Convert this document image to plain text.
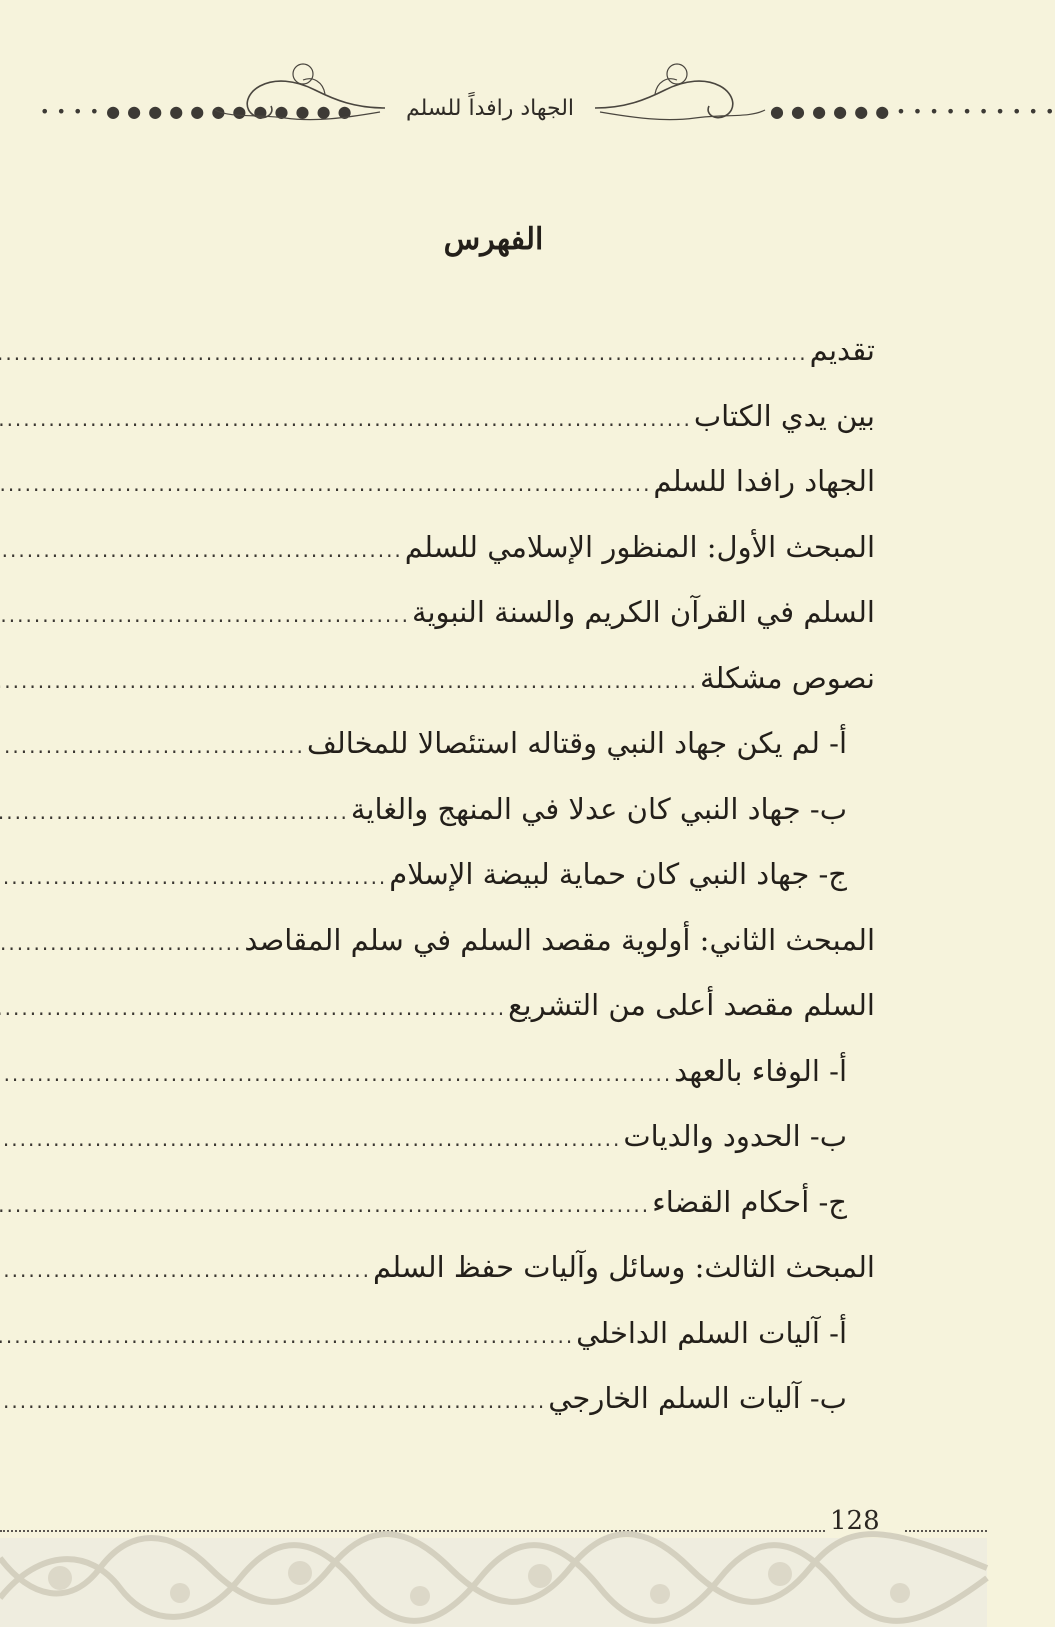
• • • • ● ● ● ● ● ● ● ● ● ● ● ●	الجهاد رافداً للسلم	● ● ● ● ● ● • • • • • • • • • •
الفهرس
تقديم
.....
بين يدي الكتاب
.....
الجهاد رافدا للسلم
.....
المبحث الأول: المنظور الإسلامي للسلم
.....
السلم في القرآن الكريم والسنة النبوية
.....
نصوص مشكلة
.....
أ- لم يكن جهاد النبي وقتاله استئصالا للمخالف
.....
ب- جهاد النبي كان عدلا في المنهج والغاية
.....
ج- جهاد النبي كان حماية لبيضة الإسلام
.....
المبحث الثاني: أولوية مقصد السلم في سلم المقاصد
.....
السلم مقصد أعلى من التشريع
.....
أ- الوفاء بالعهد
.....
ب- الحدود والديات
.....
ج- أحكام القضاء
.....
المبحث الثالث: وسائل وآليات حفظ السلم
.....
أ- آليات السلم الداخلي
.....
ب- آليات السلم الخارجي
.....
128
